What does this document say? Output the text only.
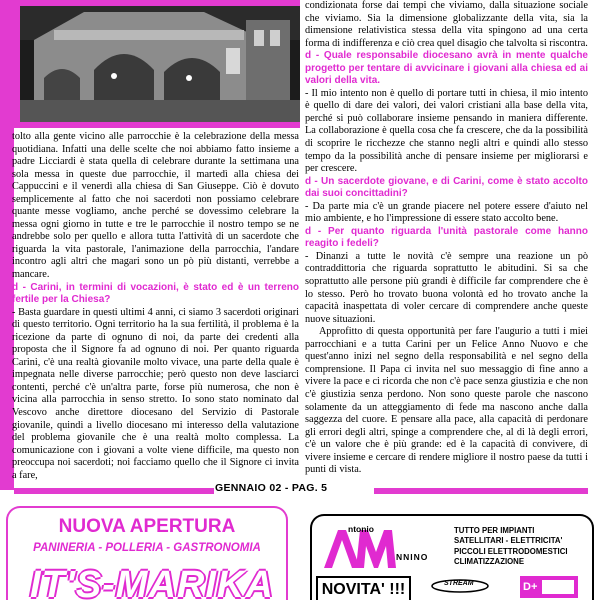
tolto alla gente vicino alle parrocchie è la celebrazione della messa quotidiana. Infatti una delle scelte che noi abbiamo fatto insieme a padre Licciardi è stata quella di celebrare durante la settimana una sola messa in queste due parrocchie, il martedì alla chiesa dei Cappuccini e il venerdì alla chiesa di San Giuseppe. Ciò è dovuto semplicemente al fatto che noi sacerdoti non possiamo celebrare quante messe vogliamo, anche perché se dovessimo celebrare la messa ogni giorno in tutte e tre le parrocchie il nostro tempo se ne andrebbe solo per quello e allora tutta l'attività di un sacerdote che riguarda la vita pastorale, l'animazione della parrocchia, l'andare incontro agli altri che magari sono un pò più distanti, verrebbe a mancare.

d - Carini, in termini di vocazioni, è stato ed è un terreno fertile per la Chiesa?

- Basta guardare in questi ultimi 4 anni, ci siamo 3 sacerdoti originari di questo territorio. Ogni territorio ha la sua fertilità, il problema è la ricezione da parte di ognuno di noi, da parte dei credenti alla proposta che il Signore fa ad ognuno di noi. Per quanto riguarda Carini, c'è una realtà giovanile molto vivace, una parte della quale è impegnata nelle diverse parrocchie; però questo non deve lasciarci contenti, perché c'è un'altra parte, forse più numerosa, che non è vicina alla parrocchia in senso stretto. Io sono stato nominato dal Vescovo anche direttore diocesano del Servizio di Pastorale giovanile, quindi a livello diocesano mi interesso della valutazione del problema giovanile che è una realtà molto complessa. La comunicazione con i giovani a volte viene difficile, ma questo non preoccupa noi sacerdoti; noi facciamo quello che il Signore ci invita a fare,

condizionata forse dai tempi che viviamo, dalla situazione sociale che viviamo. Sia la dimensione globalizzante della vita, sia la dimensione relativistica stessa della vita spingono ad una certa forma di indifferenza e ciò crea quel disagio che talvolta si riscontra.

d - Quale responsabile diocesano avrà in mente qualche progetto per tentare di avvicinare i giovani alla chiesa ed ai valori della vita.

- Il mio intento non è quello di portare tutti in chiesa, il mio intento è quello di dare dei valori, dei valori cristiani alla base della vita, perché si può collaborare insieme pensando in maniera differente. La collaborazione è quella cosa che fa crescere, che da la possibilità di scoprire le ricchezze che stanno negli altri e quindi allo stesso tempo da la possibilità anche di pensare insieme per migliorarsi e per crescere.

d - Un sacerdote giovane, e di Carini, come è stato accolto dai suoi concittadini?

- Da parte mia c'è un grande piacere nel potere essere d'aiuto nel mio ambiente, e ho l'impressione di essere stato accolto bene.

d - Per quanto riguarda l'unità pastorale come hanno reagito i fedeli?

- Dinanzi a tutte le novità c'è sempre una reazione un pò contraddittoria che riguarda soprattutto le abitudini. Si sa che soprattutto alle persone più grandi è difficile far comprendere che è lo stesso. Però ho trovato buona volontà ed ho trovato anche la capacità inaspettata di voler cercare di comprendere anche queste nuove situazioni.

Approfitto di questa opportunità per fare l'augurio a tutti i miei parrocchiani e a tutta Carini per un Felice Anno Nuovo e che quest'anno inizi nel segno della responsabilità e nel segno della comprensione. Il Papa ci invita nel suo messaggio di fine anno a vivere la pace e ci ricorda che non c'è pace senza giustizia e che non c'è giustizia senza perdono. Non sono queste parole che nascono solamente da un atteggiamento di fede ma nascono anche dalla saggezza del cuore. E pensare alla pace, alla capacità di perdonare gli errori degli altri, spinge a comprendere che, al di là degli errori, c'è un valore che è più grande: ed è la capacità di convivere, di vivere insieme e cercare di rendere migliore il nostro paese da tutti i punti di vista.

GENNAIO 02 - PAG. 5
NUOVA APERTURA
PANINERIA - POLLERIA - GASTRONOMIA
IT'S-MARIKA
ntonio
NNINO
TUTTO PER IMPIANTI
SATELLITARI - ELETTRICITA'
PICCOLI ELETTRODOMESTICI
CLIMATIZZAZIONE
NOVITA' !!!	STREAM	D+
